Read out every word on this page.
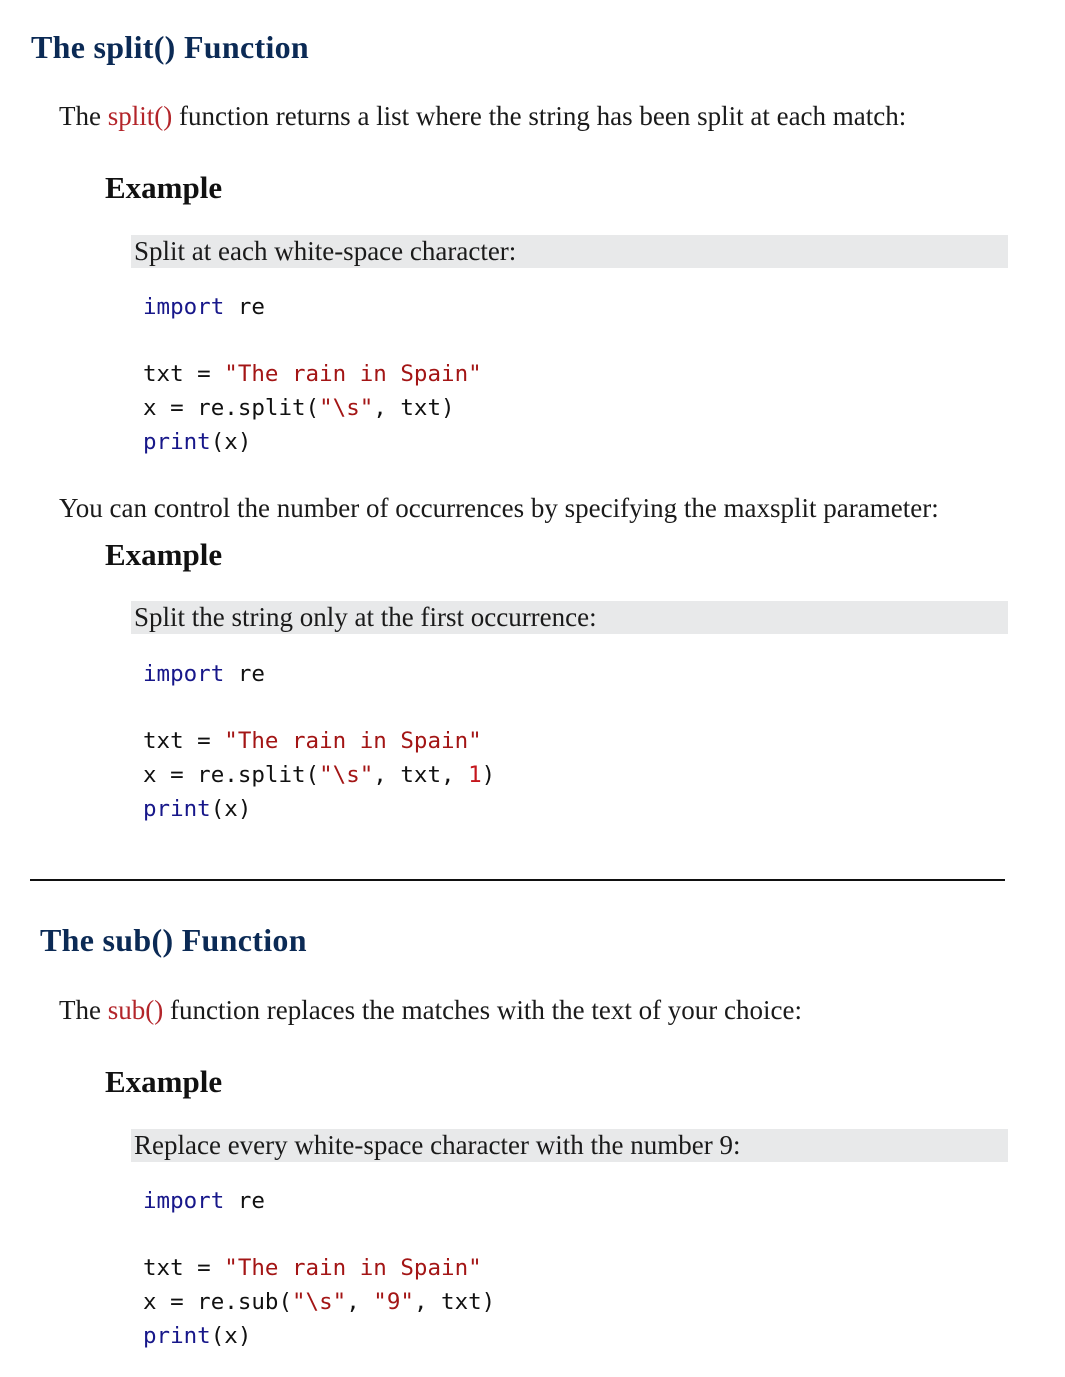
The split() Function

The split() function returns a list where the string has been split at each match:

Example
Split at each white-space character:
import re

txt = "The rain in Spain"
x = re.split("\s", txt)
print(x)

You can control the number of occurrences by specifying the maxsplit parameter:

Example
Split the string only at the first occurrence:
import re

txt = "The rain in Spain"
x = re.split("\s", txt, 1)
print(x)
The sub() Function

The sub() function replaces the matches with the text of your choice:

Example
Replace every white-space character with the number 9:
import re

txt = "The rain in Spain"
x = re.sub("\s", "9", txt)
print(x)
